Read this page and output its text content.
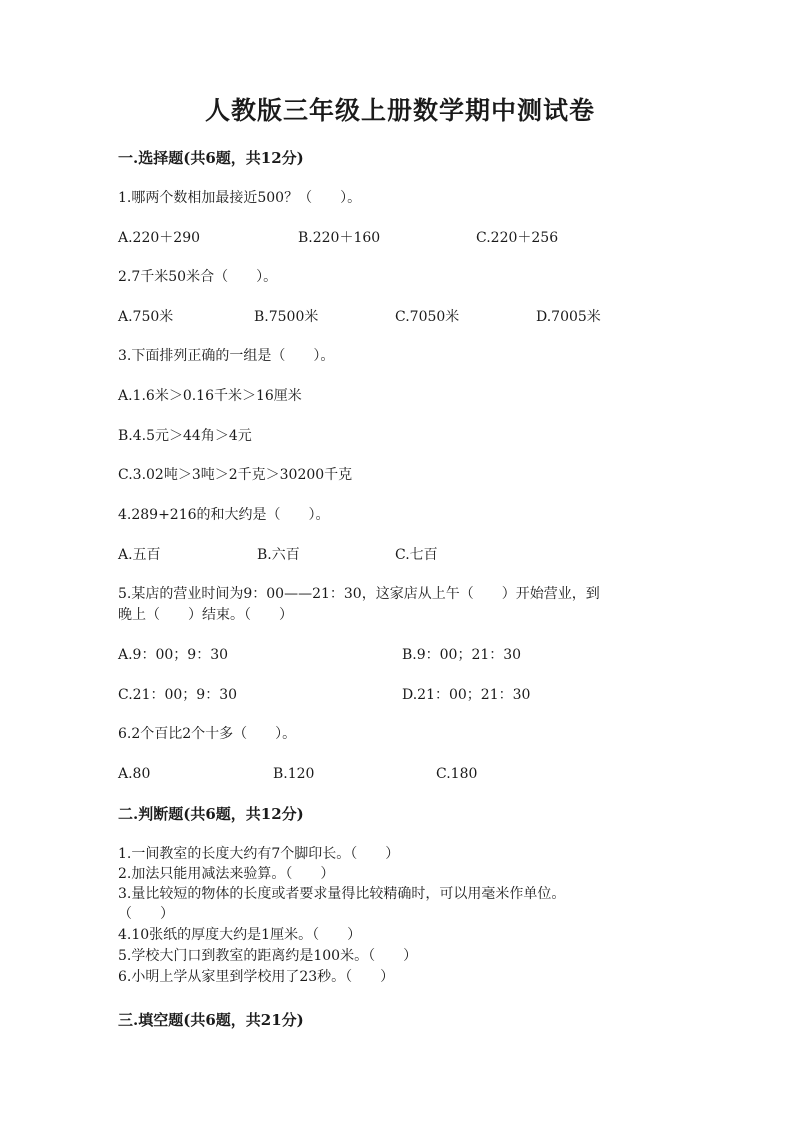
人教版三年级上册数学期中测试卷
一.选择题(共6题，共12分)
1.哪两个数相加最接近500？（　　）。
A.220＋290	B.220＋160	C.220＋256
2.7千米50米合（　　）。
A.750米	B.7500米	C.7050米	D.7005米
3.下面排列正确的一组是（　　）。
A.1.6米＞0.16千米＞16厘米
B.4.5元＞44角＞4元
C.3.02吨＞3吨＞2千克＞30200千克
4.289+216的和大约是（　　）。
A.五百	B.六百	C.七百
5.某店的营业时间为9：00——21：30，这家店从上午（　　）开始营业，到
晚上（　　）结束。（　　）
A.9：00；9：30	B.9：00；21：30
C.21：00；9：30	D.21：00；21：30
6.2个百比2个十多（　　）。
A.80	B.120	C.180
二.判断题(共6题，共12分)
1.一间教室的长度大约有7个脚印长。（　　）
2.加法只能用减法来验算。（　　）
3.量比较短的物体的长度或者要求量得比较精确时，可以用毫米作单位。
（　　）
4.10张纸的厚度大约是1厘米。（　　）
5.学校大门口到教室的距离约是100米。（　　）
6.小明上学从家里到学校用了23秒。（　　）
三.填空题(共6题，共21分)
